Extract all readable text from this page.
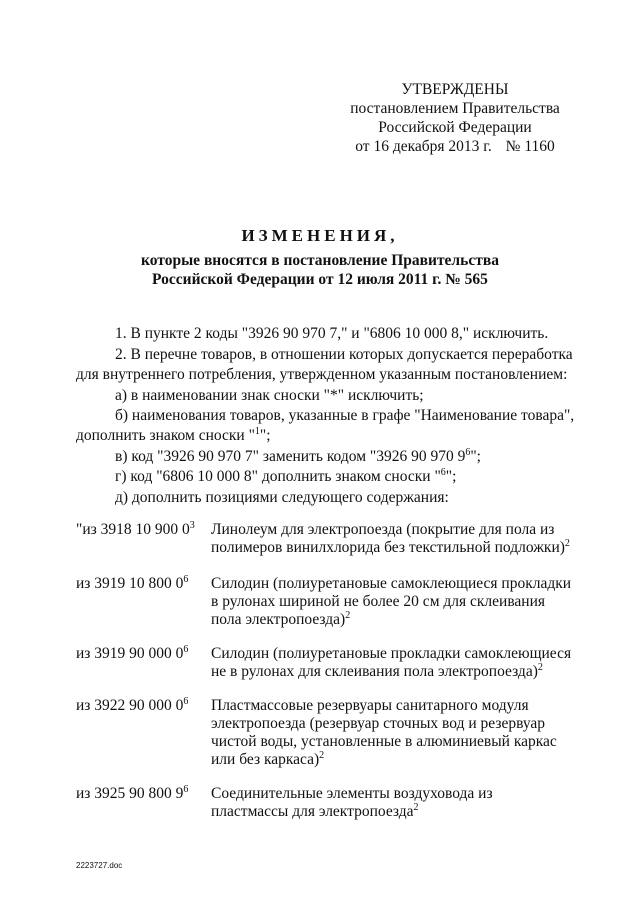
УТВЕРЖДЕНЫ
постановлением Правительства
Российской Федерации
от 16 декабря 2013 г. № 1160
ИЗМЕНЕНИЯ,
которые вносятся в постановление Правительства
Российской Федерации от 12 июля 2011 г. № 565
1. В пункте 2 коды "3926 90 970 7," и "6806 10 000 8," исключить.
2. В перечне товаров, в отношении которых допускается переработка
для внутреннего потребления, утвержденном указанным постановлением:
а) в наименовании знак сноски "*" исключить;
б) наименования товаров, указанные в графе "Наименование товара",
дополнить знаком сноски "$^1$";
в) код "3926 90 970 7" заменить кодом "3926 90 970 $9^6$";
г) код "6806 10 000 8" дополнить знаком сноски "$^6$";
д) дополнить позициями следующего содержания:
"из 3918 10 900 $0^3$ Линолеум для электропоезда (покрытие для пола из
полимеров винилхлорида без текстильной подложки)$^2$
из 3919 10 800 $0^6$ Силодин (полиуретановые самоклеющиеся прокладки
в рулонах шириной не более 20 см для склеивания
пола электропоезда)$^2$
из 3919 90 000 $0^6$ Силодин (полиуретановые прокладки самоклеющиеся
не в рулонах для склеивания пола электропоезда)$^2$
из 3922 90 000 $0^6$ Пластмассовые резервуары санитарного модуля
электропоезда (резервуар сточных вод и резервуар
чистой воды, установленные в алюминиевый каркас
или без каркаса)$^2$
из 3925 90 800 $9^6$ Соединительные элементы воздуховода из
пластмассы для электропоезда$^2$
2223727.doc
